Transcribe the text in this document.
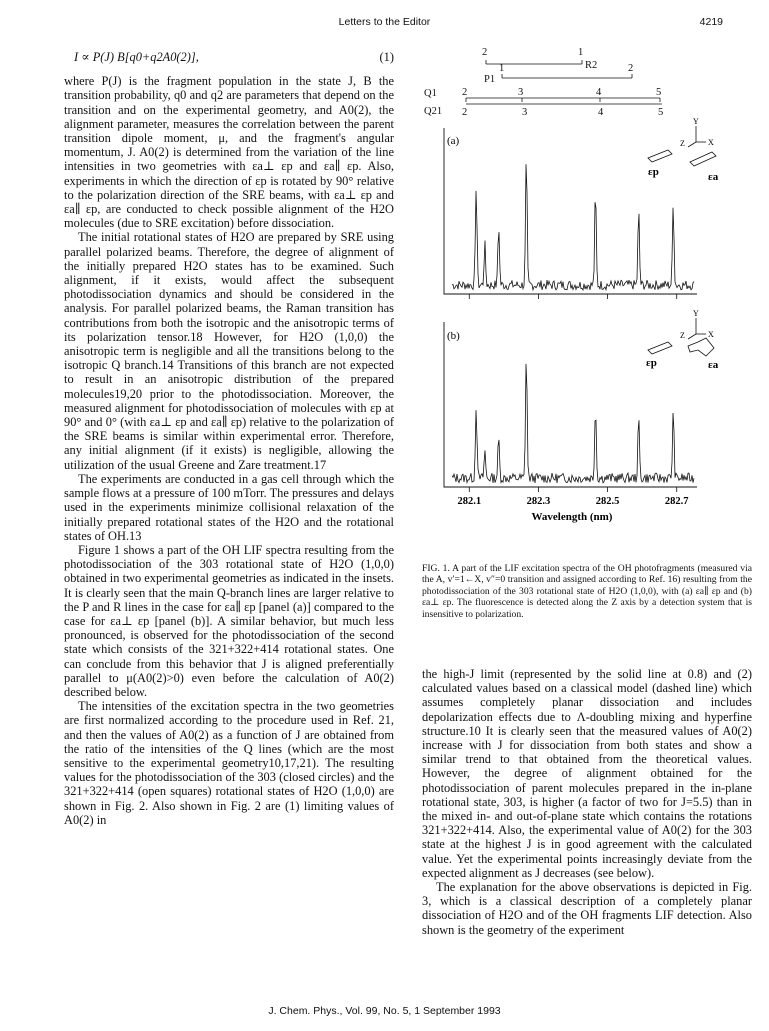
Letters to the Editor	4219
I ∝ P(J) B[q0+q2A0(2)],	(1)

where P(J) is the fragment population in the state J, B the transition probability, q0 and q2 are parameters that depend on the transition and on the experimental geometry, and A0(2), the alignment parameter, measures the correlation between the parent transition dipole moment, μ, and the fragment's angular momentum, J. A0(2) is determined from the variation of the line intensities in two geometries with εa⊥ εp and εa∥ εp. Also, experiments in which the direction of εp is rotated by 90° relative to the polarization direction of the SRE beams, with εa⊥ εp and εa∥ εp, are conducted to check possible alignment of the H2O molecules (due to SRE excitation) before dissociation.

The initial rotational states of H2O are prepared by SRE using parallel polarized beams. Therefore, the degree of alignment of the initially prepared H2O states has to be examined. Such alignment, if it exists, would affect the subsequent photodissociation dynamics and should be considered in the analysis. For parallel polarized beams, the Raman transition has contributions from both the isotropic and the anisotropic terms of its polarization tensor.18 However, for H2O (1,0,0) the anisotropic term is negligible and all the transitions belong to the isotropic Q branch.14 Transitions of this branch are not expected to result in an anisotropic distribution of the prepared molecules19,20 prior to the photodissociation. Moreover, the measured alignment for photodissociation of molecules with εp at 90° and 0° (with εa⊥ εp and εa∥ εp) relative to the polarization of the SRE beams is similar within experimental error. Therefore, any initial alignment (if it exists) is negligible, allowing the utilization of the usual Greene and Zare treatment.17

The experiments are conducted in a gas cell through which the sample flows at a pressure of 100 mTorr. The pressures and delays used in the experiments minimize collisional relaxation of the initially prepared rotational states of the H2O and the rotational states of OH.13

Figure 1 shows a part of the OH LIF spectra resulting from the photodissociation of the 303 rotational state of H2O (1,0,0) obtained in two experimental geometries as indicated in the insets. It is clearly seen that the main Q-branch lines are larger relative to the P and R lines in the case for εa∥ εp [panel (a)] compared to the case for εa⊥ εp [panel (b)]. A similar behavior, but much less pronounced, is observed for the photodissociation of the second state which consists of the 321+322+414 rotational states. One can conclude from this behavior that J is aligned preferentially parallel to μ(A0(2)>0) even before the calculation of A0(2) described below.

The intensities of the excitation spectra in the two geometries are first normalized according to the procedure used in Ref. 21, and then the values of A0(2) as a function of J are obtained from the ratio of the intensities of the Q lines (which are the most sensitive to the experimental geometry10,17,21). The resulting values for the photodissociation of the 303 (closed circles) and the 321+322+414 (open squares) rotational states of H2O (1,0,0) are shown in Fig. 2. Also shown in Fig. 2 are (1) limiting values of A0(2) in

2	1
R2
1	2
P1
Q1 2	3	4	5
Q21 2	3	4	5
(a)
(b)
Y
Z	X
εp	εa
Y
Z	X
εp	εa
282.1	282.3	282.5	282.7
Wavelength (nm)
FIG. 1. A part of the LIF excitation spectra of the OH photofragments (measured via the A, v′=1←X, v″=0 transition and assigned according to Ref. 16) resulting from the photodissociation of the 303 rotational state of H2O (1,0,0), with (a) εa∥ εp and (b) εa⊥ εp. The fluorescence is detected along the Z axis by a detection system that is insensitive to polarization.

the high-J limit (represented by the solid line at 0.8) and (2) calculated values based on a classical model (dashed line) which assumes completely planar dissociation and includes depolarization effects due to Λ-doubling mixing and hyperfine structure.10 It is clearly seen that the measured values of A0(2) increase with J for dissociation from both states and show a similar trend to that obtained from the theoretical values. However, the degree of alignment obtained for the photodissociation of parent molecules prepared in the in-plane rotational state, 303, is higher (a factor of two for J=5.5) than in the mixed in- and out-of-plane state which contains the rotations 321+322+414. Also, the experimental value of A0(2) for the 303 state at the highest J is in good agreement with the calculated value. Yet the experimental points increasingly deviate from the expected alignment as J decreases (see below).

The explanation for the above observations is depicted in Fig. 3, which is a classical description of a completely planar dissociation of H2O and of the OH fragments LIF detection. Also shown is the geometry of the experiment

J. Chem. Phys., Vol. 99, No. 5, 1 September 1993
